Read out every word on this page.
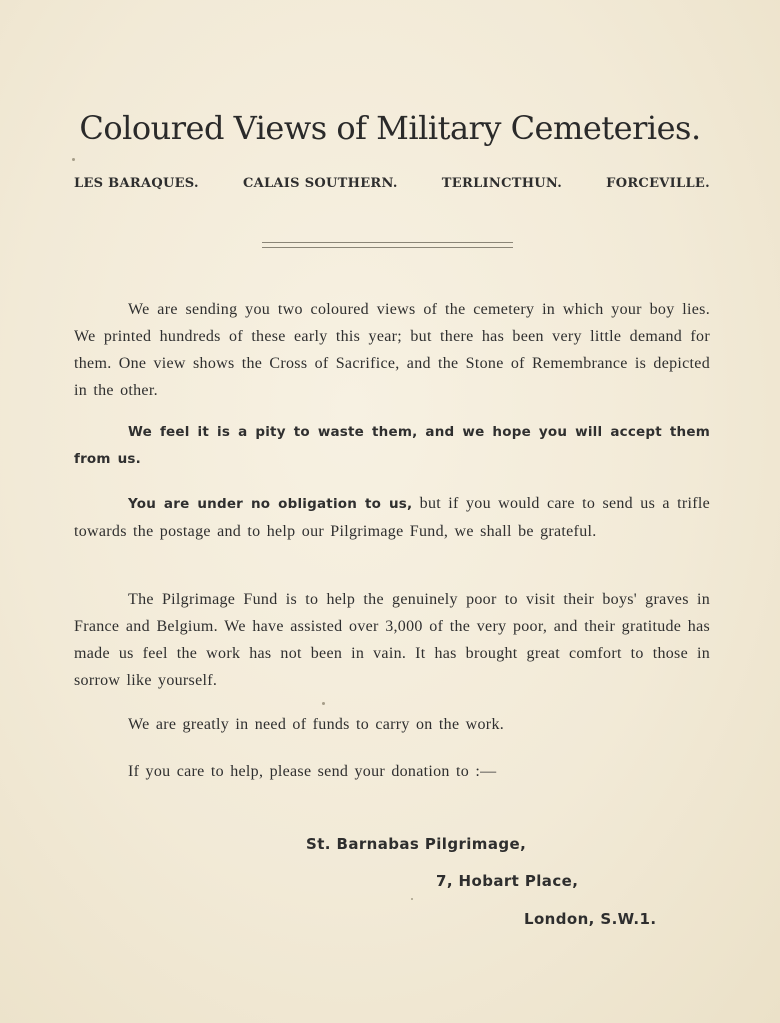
Coloured Views of Military Cemeteries.
LES BARAQUES.	CALAIS SOUTHERN.	TERLINCTHUN.	FORCEVILLE.

We are sending you two coloured views of the cemetery in which your boy lies. We printed hundreds of these early this year; but there has been very little demand for them. One view shows the Cross of Sacrifice, and the Stone of Remembrance is depicted in the other.

We feel it is a pity to waste them, and we hope you will accept them from us.

You are under no obligation to us, but if you would care to send us a trifle towards the postage and to help our Pilgrimage Fund, we shall be grateful.

The Pilgrimage Fund is to help the genuinely poor to visit their boys' graves in France and Belgium. We have assisted over 3,000 of the very poor, and their gratitude has made us feel the work has not been in vain. It has brought great comfort to those in sorrow like yourself.

We are greatly in need of funds to carry on the work.

If you care to help, please send your donation to :—

St. Barnabas Pilgrimage,
7, Hobart Place,
London, S.W.1.
